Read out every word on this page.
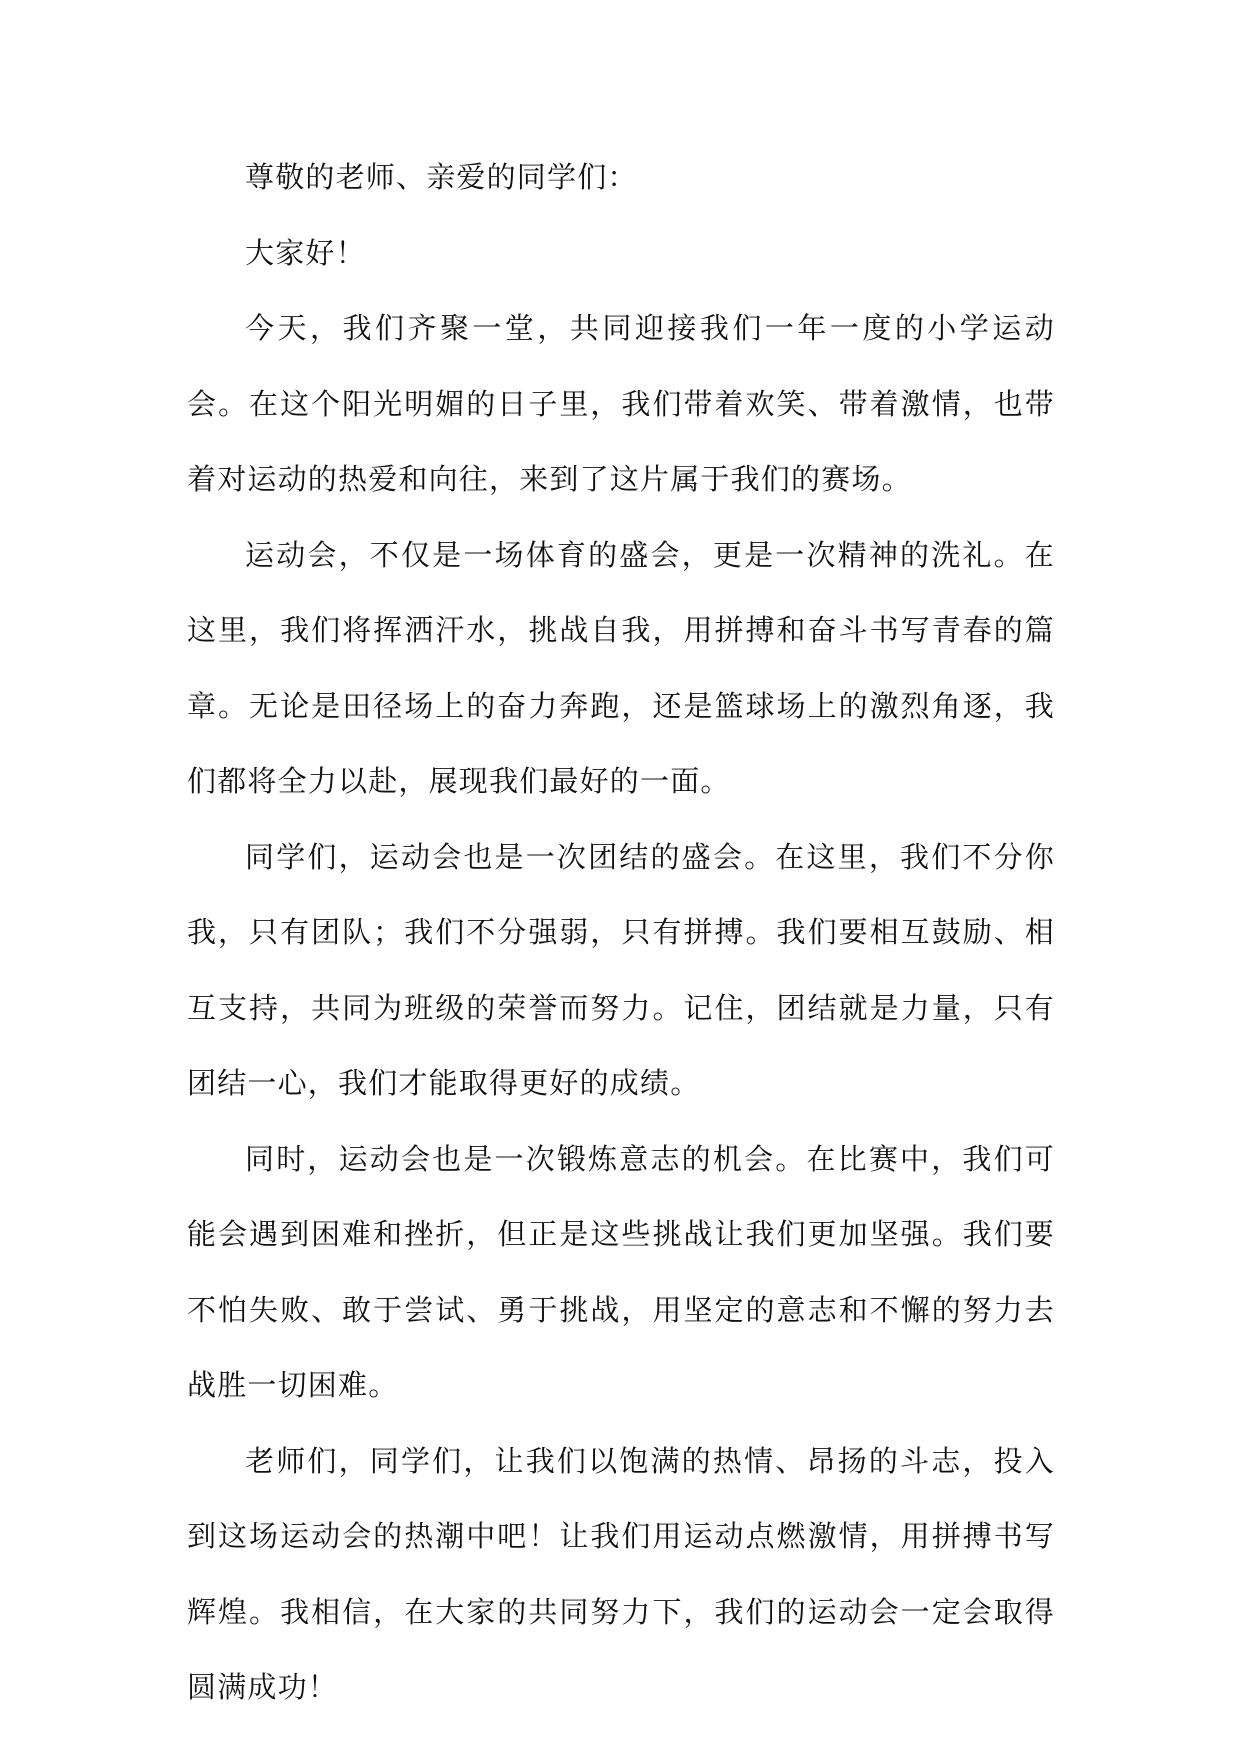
尊敬的老师、亲爱的同学们：

大家好！

今天，我们齐聚一堂，共同迎接我们一年一度的小学运动会。在这个阳光明媚的日子里，我们带着欢笑、带着激情，也带着对运动的热爱和向往，来到了这片属于我们的赛场。

运动会，不仅是一场体育的盛会，更是一次精神的洗礼。在这里，我们将挥洒汗水，挑战自我，用拼搏和奋斗书写青春的篇章。无论是田径场上的奋力奔跑，还是篮球场上的激烈角逐，我们都将全力以赴，展现我们最好的一面。

同学们，运动会也是一次团结的盛会。在这里，我们不分你我，只有团队；我们不分强弱，只有拼搏。我们要相互鼓励、相互支持，共同为班级的荣誉而努力。记住，团结就是力量，只有团结一心，我们才能取得更好的成绩。

同时，运动会也是一次锻炼意志的机会。在比赛中，我们可能会遇到困难和挫折，但正是这些挑战让我们更加坚强。我们要不怕失败、敢于尝试、勇于挑战，用坚定的意志和不懈的努力去战胜一切困难。

老师们，同学们，让我们以饱满的热情、昂扬的斗志，投入到这场运动会的热潮中吧！让我们用运动点燃激情，用拼搏书写辉煌。我相信，在大家的共同努力下，我们的运动会一定会取得圆满成功！
